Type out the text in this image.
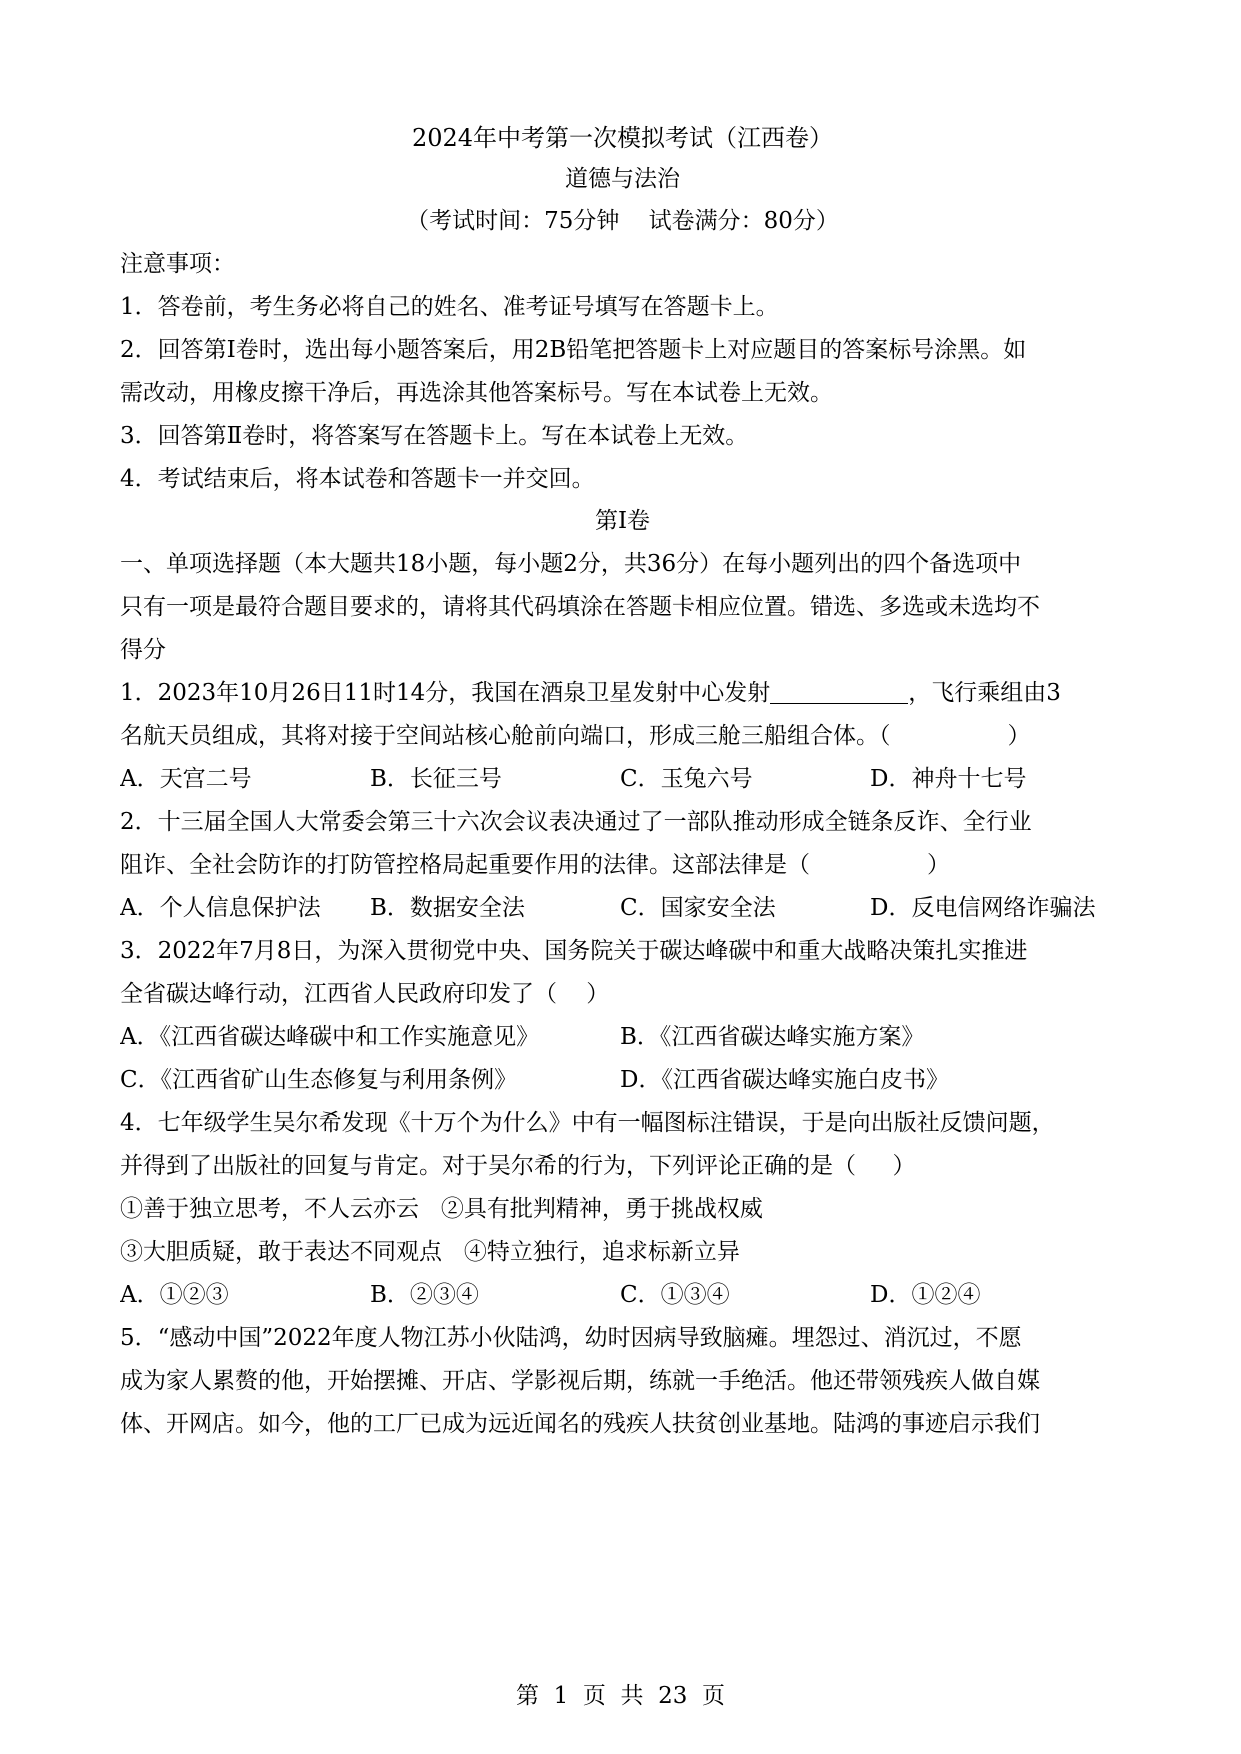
2024年中考第一次模拟考试（江西卷）
道德与法治
（考试时间：75分钟    试卷满分：80分）
注意事项：
1．答卷前，考生务必将自己的姓名、准考证号填写在答题卡上。
2．回答第Ⅰ卷时，选出每小题答案后，用2B铅笔把答题卡上对应题目的答案标号涂黑。如
需改动，用橡皮擦干净后，再选涂其他答案标号。写在本试卷上无效。
3．回答第Ⅱ卷时，将答案写在答题卡上。写在本试卷上无效。
4．考试结束后，将本试卷和答题卡一并交回。
第Ⅰ卷
一、单项选择题（本大题共18小题，每小题2分，共36分）在每小题列出的四个备选项中
只有一项是最符合题目要求的，请将其代码填涂在答题卡相应位置。错选、多选或未选均不
得分
1．2023年10月26日11时14分，我国在酒泉卫星发射中心发射	，飞行乘组由3
名航天员组成，其将对接于空间站核心舱前向端口，形成三舱三船组合体。（                ）
A．天宫二号	B．长征三号	C．玉兔六号	D．神舟十七号
2．十三届全国人大常委会第三十六次会议表决通过了一部队推动形成全链条反诈、全行业
阻诈、全社会防诈的打防管控格局起重要作用的法律。这部法律是（                ）
A．个人信息保护法	B．数据安全法	C．国家安全法	D．反电信网络诈骗法
3．2022年7月8日，为深入贯彻党中央、国务院关于碳达峰碳中和重大战略决策扎实推进
全省碳达峰行动，江西省人民政府印发了（    ）
A．《江西省碳达峰碳中和工作实施意见》	B．《江西省碳达峰实施方案》
C．《江西省矿山生态修复与利用条例》	D．《江西省碳达峰实施白皮书》
4．七年级学生吴尔希发现《十万个为什么》中有一幅图标注错误，于是向出版社反馈问题，
并得到了出版社的回复与肯定。对于吴尔希的行为，下列评论正确的是（     ）
①善于独立思考，不人云亦云   ②具有批判精神，勇于挑战权威
③大胆质疑，敢于表达不同观点   ④特立独行，追求标新立异
A．①②③	B．②③④	C．①③④	D．①②④
5．“感动中国”2022年度人物江苏小伙陆鸿，幼时因病导致脑瘫。埋怨过、消沉过，不愿
成为家人累赘的他，开始摆摊、开店、学影视后期，练就一手绝活。他还带领残疾人做自媒
体、开网店。如今，他的工厂已成为远近闻名的残疾人扶贫创业基地。陆鸿的事迹启示我们
第  1  页  共  23  页
